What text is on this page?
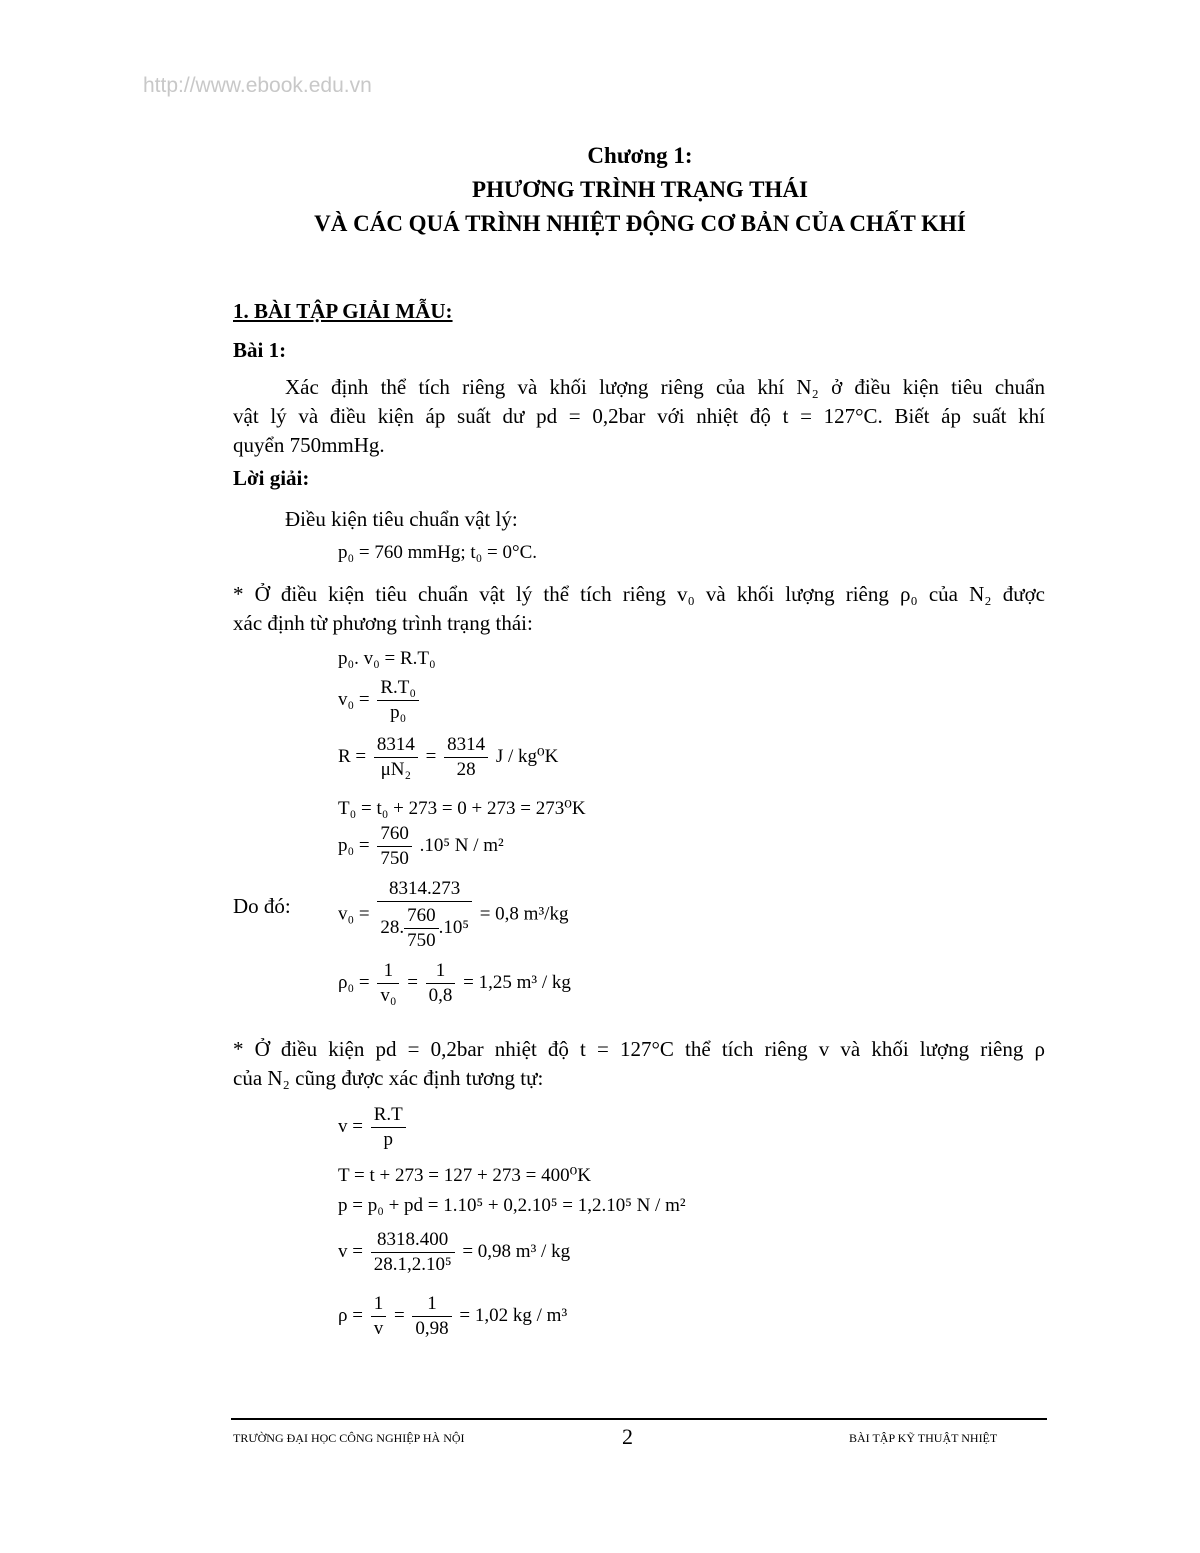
http://www.ebook.edu.vn
Chương 1:
PHƯƠNG TRÌNH TRẠNG THÁI
VÀ CÁC QUÁ TRÌNH NHIỆT ĐỘNG CƠ BẢN CỦA CHẤT KHÍ
1. BÀI TẬP GIẢI MẪU:
Bài 1:
Xác định thể tích riêng và khối lượng riêng của khí N₂ ở điều kiện tiêu chuẩn
vật lý và điều kiện áp suất dư pd = 0,2bar với nhiệt độ t = 127°C. Biết áp suất khí
quyển 750mmHg.
Lời giải:
Điều kiện tiêu chuẩn vật lý:
p₀ = 760 mmHg; t₀ = 0°C.
* Ở điều kiện tiêu chuẩn vật lý thể tích riêng v₀ và khối lượng riêng ρ₀ của N₂ được
xác định từ phương trình trạng thái:
p₀. v₀ = R.T₀
$v_0 = \frac{\text{R.T₀}}{\text{p₀}}$
$R = \frac{8314}{\text{μN₂}} = \frac{8314}{28}$ J / kg⁰K
T₀ = t₀ + 273 = 0 + 273 = 273⁰K
$p_0 = \frac{760}{750} .10^5$ N / m²
Do đó: $v_0 = \frac{8314.273}{28. \frac{760}{750} .10^5} = 0,8$ m³/kg
$\rho_0 = \frac{1}{\text{v₀}} = \frac{1}{0,8} = 1,25$ m³ / kg
* Ở điều kiện pd = 0,2bar nhiệt độ t = 127°C thể tích riêng v và khối lượng riêng ρ
của N₂ cũng được xác định tương tự:
$v = \frac{R.T}{p}$
T = t + 273 = 127 + 273 = 400⁰K
p = p₀ + pd = 1.10⁵ + 0,2.10⁵ = 1,2.10⁵ N / m²
$v = \frac{8318.400}{\text{28.1,2.10⁵}} = 0,98$ m³ / kg
$\rho = \frac{1}{v} = \frac{1}{0,98} = 1,02$ kg / m³
TRƯỜNG ĐẠI HỌC CÔNG NGHIỆP HÀ NỘI	2	BÀI TẬP KỸ THUẬT NHIỆT
